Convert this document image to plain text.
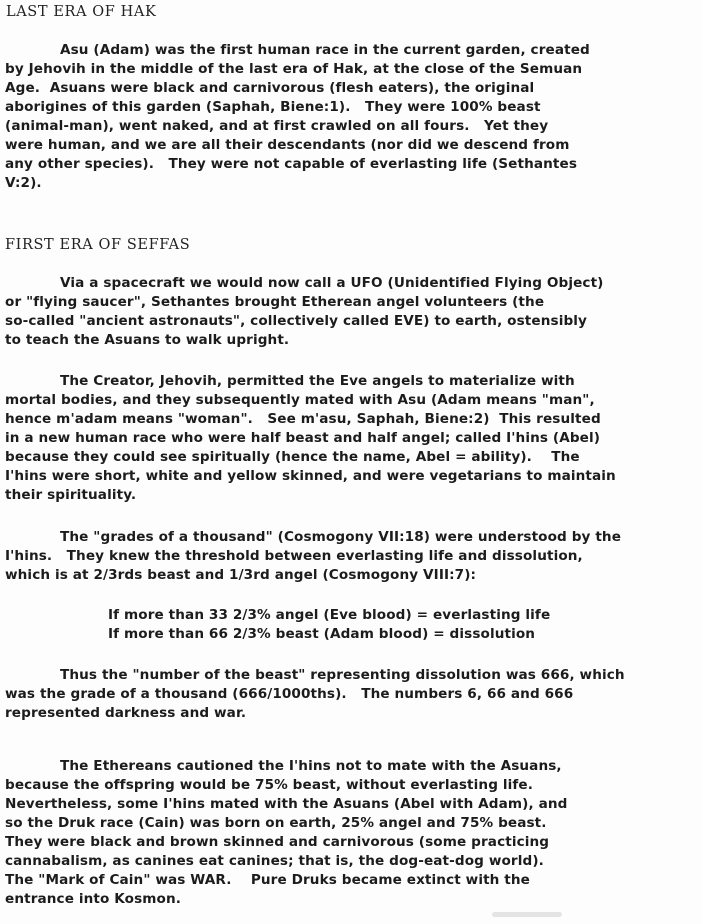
LAST ERA OF HAK
Asu (Adam) was the first human race in the current garden, created
by Jehovih in the middle of the last era of Hak, at the close of the Semuan
Age.  Asuans were black and carnivorous (flesh eaters), the original
aborigines of this garden (Saphah, Biene:1).   They were 100% beast
(animal-man), went naked, and at first crawled on all fours.   Yet they
were human, and we are all their descendants (nor did we descend from
any other species).   They were not capable of everlasting life (Sethantes
V:2).
FIRST ERA OF SEFFAS
Via a spacecraft we would now call a UFO (Unidentified Flying Object)
or "flying saucer", Sethantes brought Etherean angel volunteers (the
so-called "ancient astronauts", collectively called EVE) to earth, ostensibly
to teach the Asuans to walk upright.
The Creator, Jehovih, permitted the Eve angels to materialize with
mortal bodies, and they subsequently mated with Asu (Adam means "man",
hence m'adam means "woman".   See m'asu, Saphah, Biene:2)  This resulted
in a new human race who were half beast and half angel; called I'hins (Abel)
because they could see spiritually (hence the name, Abel = ability).    The
I'hins were short, white and yellow skinned, and were vegetarians to maintain
their spirituality.
The "grades of a thousand" (Cosmogony VII:18) were understood by the
I'hins.   They knew the threshold between everlasting life and dissolution,
which is at 2/3rds beast and 1/3rd angel (Cosmogony VIII:7):
If more than 33 2/3% angel (Eve blood) = everlasting life
If more than 66 2/3% beast (Adam blood) = dissolution
Thus the "number of the beast" representing dissolution was 666, which
was the grade of a thousand (666/1000ths).   The numbers 6, 66 and 666
represented darkness and war.
The Ethereans cautioned the I'hins not to mate with the Asuans,
because the offspring would be 75% beast, without everlasting life.
Nevertheless, some I'hins mated with the Asuans (Abel with Adam), and
so the Druk race (Cain) was born on earth, 25% angel and 75% beast.
They were black and brown skinned and carnivorous (some practicing
cannabalism, as canines eat canines; that is, the dog-eat-dog world).
The "Mark of Cain" was WAR.    Pure Druks became extinct with the
entrance into Kosmon.
